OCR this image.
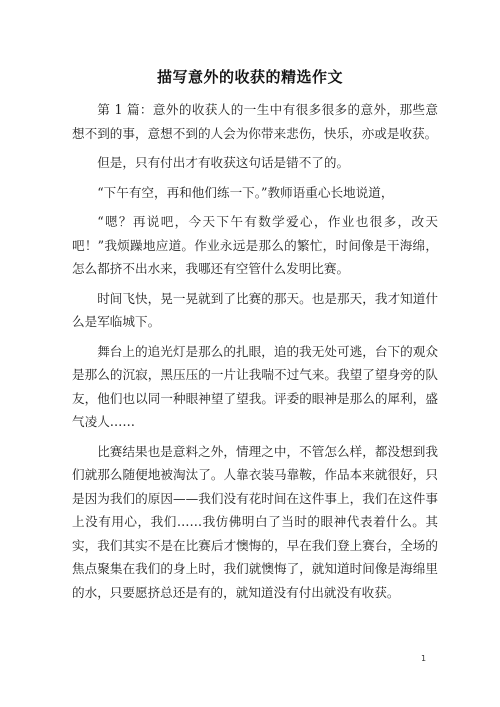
描写意外的收获的精选作文

第 1 篇：意外的收获人的一生中有很多很多的意外，那些意想不到的事，意想不到的人会为你带来悲伤，快乐，亦或是收获。

但是，只有付出才有收获这句话是错不了的。

“下午有空，再和他们练一下。”教师语重心长地说道，

“嗯？再说吧，今天下午有数学爱心，作业也很多，改天吧！”我烦躁地应道。作业永远是那么的繁忙，时间像是干海绵，怎么都挤不出水来，我哪还有空管什么发明比赛。

时间飞快，晃一晃就到了比赛的那天。也是那天，我才知道什么是军临城下。

舞台上的追光灯是那么的扎眼，追的我无处可逃，台下的观众是那么的沉寂，黑压压的一片让我喘不过气来。我望了望身旁的队友，他们也以同一种眼神望了望我。评委的眼神是那么的犀利，盛气凌人……

比赛结果也是意料之外，情理之中，不管怎么样，都没想到我们就那么随便地被淘汰了。人靠衣装马靠鞍，作品本来就很好，只是因为我们的原因——我们没有花时间在这件事上，我们在这件事上没有用心，我们……我仿佛明白了当时的眼神代表着什么。其实，我们其实不是在比赛后才懊悔的，早在我们登上赛台，全场的焦点聚集在我们的身上时，我们就懊悔了，就知道时间像是海绵里的水，只要愿挤总还是有的，就知道没有付出就没有收获。

1
